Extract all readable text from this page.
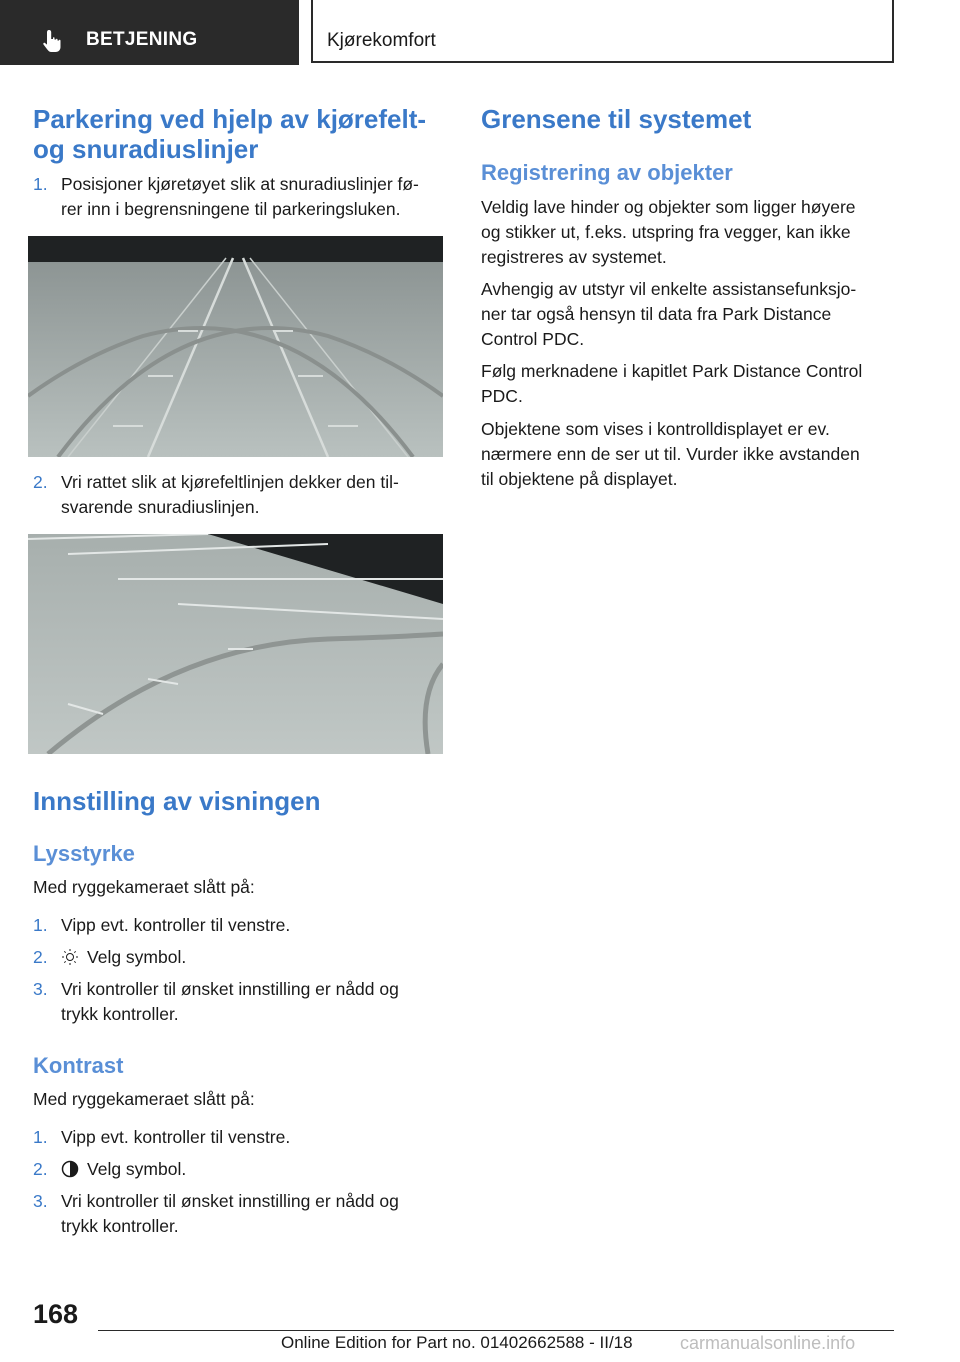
BETJENING	Kjørekomfort
Parkering ved hjelp av kjørefelt-
og snuradiuslinjer
1. Posisjoner kjøretøyet slik at snuradiuslinjer fø-
rer inn i begrensningene til parkeringsluken.
2. Vri rattet slik at kjørefeltlinjen dekker den til-
svarende snuradiuslinjen.
Innstilling av visningen
Lysstyrke

Med ryggekameraet slått på:

1. Vipp evt. kontroller til venstre.
2.	Velg symbol.
3. Vri kontroller til ønsket innstilling er nådd og
trykk kontroller.
Kontrast

Med ryggekameraet slått på:

1. Vipp evt. kontroller til venstre.
2.	Velg symbol.
3. Vri kontroller til ønsket innstilling er nådd og
trykk kontroller.
Grensene til systemet
Registrering av objekter

Veldig lave hinder og objekter som ligger høyere
og stikker ut, f.eks. utspring fra vegger, kan ikke
registreres av systemet.

Avhengig av utstyr vil enkelte assistansefunksjo-
ner tar også hensyn til data fra Park Distance
Control PDC.

Følg merknadene i kapitlet Park Distance Control
PDC.

Objektene som vises i kontrolldisplayet er ev.
nærmere enn de ser ut til. Vurder ikke avstanden
til objektene på displayet.

168
Online Edition for Part no. 01402662588 - II/18	carmanualsonline.info
